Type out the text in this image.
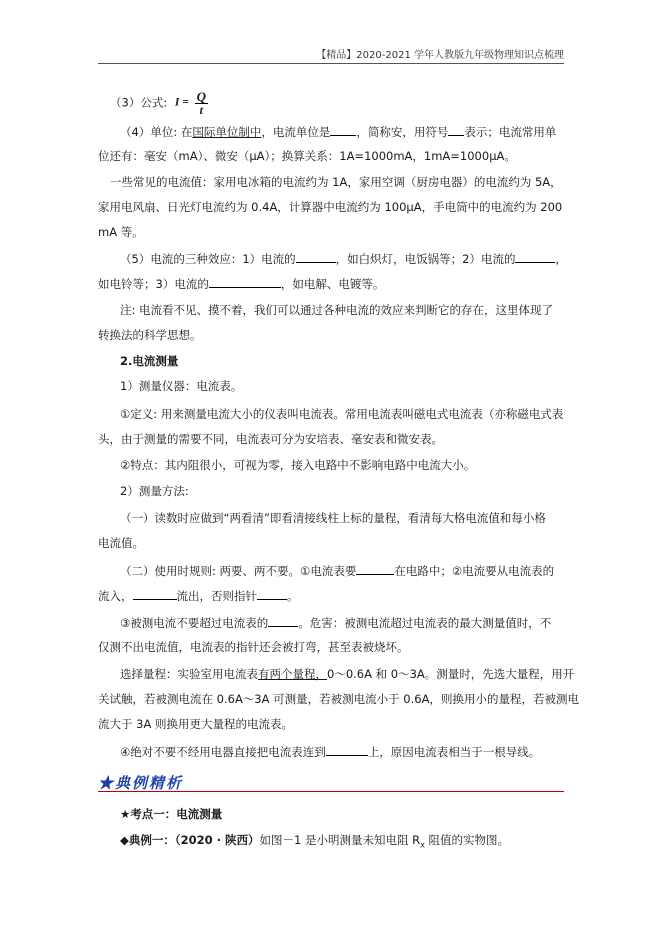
【精品】2020-2021 学年人教版九年级物理知识点梳理
（3）公式: $I = \frac{Q}{t}$
（4）单位: 在国际单位制中，电流单位是 ，简称安，用符号 表示；电流常用单
位还有：毫安（mA）、微安（μA）；换算关系：1A=1000mA，1mA=1000μA。
一些常见的电流值：家用电冰箱的电流约为 1A，家用空调（厨房电器）的电流约为 5A，
家用电风扇、日光灯电流约为 0.4A，计算器中电流约为 100μA，手电筒中的电流约为 200
mA 等。
（5）电流的三种效应：1）电流的	，如白炽灯，电饭锅等；2）电流的	，
如电铃等；3）电流的	，如电解、电镀等。
注: 电流看不见、摸不着，我们可以通过各种电流的效应来判断它的存在，这里体现了
转换法的科学思想。
2.电流测量
1）测量仪器：电流表。
①定义: 用来测量电流大小的仪表叫电流表。常用电流表叫磁电式电流表（亦称磁电式表
头，由于测量的需要不同，电流表可分为安培表、毫安表和微安表。
②特点：其内阻很小，可视为零，接入电路中不影响电路中电流大小。
2）测量方法:
（一）读数时应做到“两看清”即看清接线柱上标的量程，看清每大格电流值和每小格
电流值。
（二）使用时规则: 两要、两不要。①电流表要	在电路中；②电流要从电流表的
流入，	流出，否则指针	。
③被测电流不要超过电流表的	。危害：被测电流超过电流表的最大测量值时，不
仅测不出电流值，电流表的指针还会被打弯，甚至表被烧坏。
选择量程：实验室用电流表有两个量程，0～0.6A 和 0～3A。测量时，先选大量程，用开
关试触，若被测电流在 0.6A～3A 可测量，若被测电流小于 0.6A，则换用小的量程，若被测电
流大于 3A 则换用更大量程的电流表。
④绝对不要不经用电器直接把电流表连到	上，原因电流表相当于一根导线。
★典例精析
★考点一：电流测量
◆典例一：（2020 · 陕西）如图－1 是小明测量未知电阻 $R_x$ 阻值的实物图。
